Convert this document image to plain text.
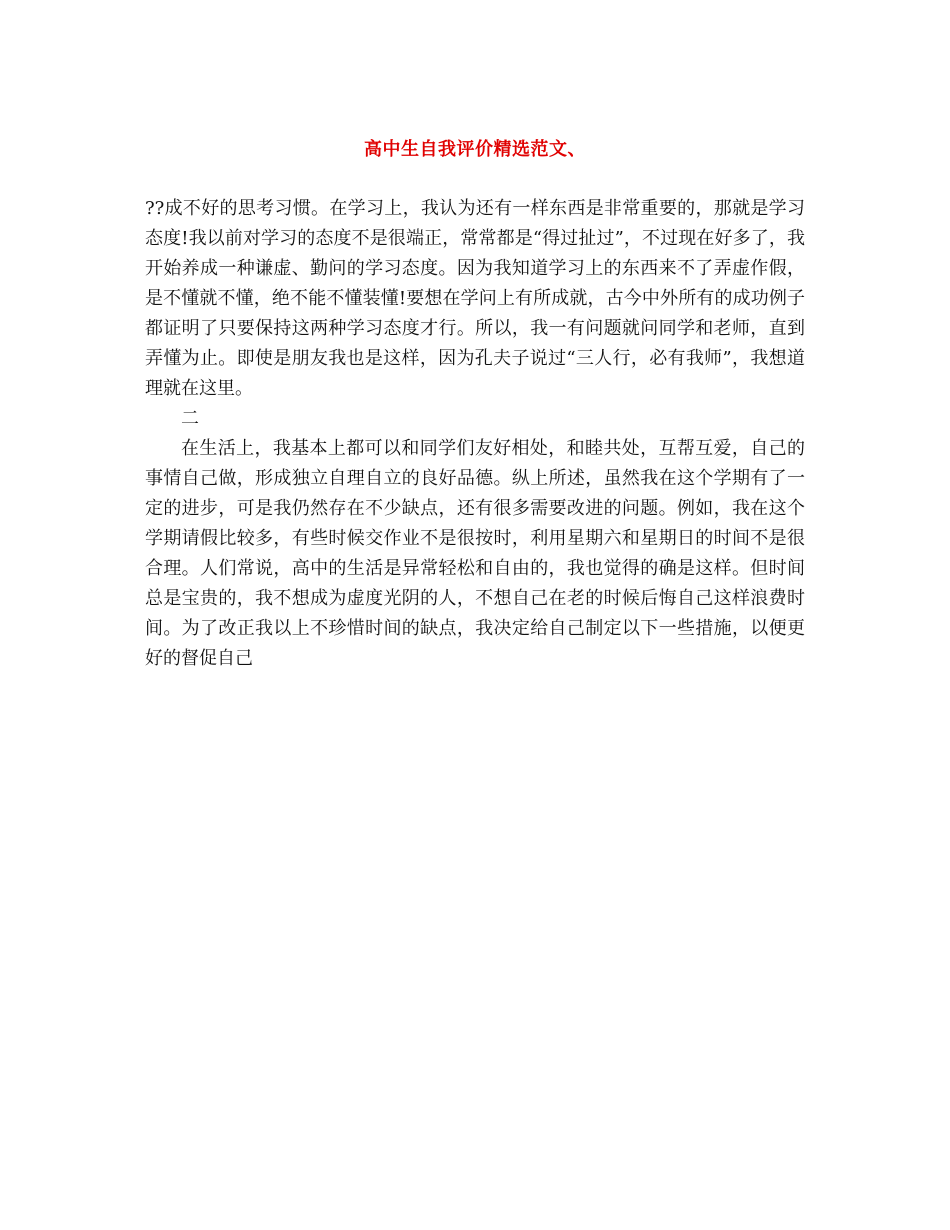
高中生自我评价精选范文、

??成不好的思考习惯。在学习上，我认为还有一样东西是非常重要的，那就是学习态度!我以前对学习的态度不是很端正，常常都是“得过扯过”，不过现在好多了，我开始养成一种谦虚、勤问的学习态度。因为我知道学习上的东西来不了弄虚作假，是不懂就不懂，绝不能不懂装懂!要想在学问上有所成就，古今中外所有的成功例子都证明了只要保持这两种学习态度才行。所以，我一有问题就问同学和老师，直到弄懂为止。即使是朋友我也是这样，因为孔夫子说过“三人行，必有我师”，我想道理就在这里。

二

在生活上，我基本上都可以和同学们友好相处，和睦共处，互帮互爱，自己的事情自己做，形成独立自理自立的良好品德。纵上所述，虽然我在这个学期有了一定的进步，可是我仍然存在不少缺点，还有很多需要改进的问题。例如，我在这个学期请假比较多，有些时候交作业不是很按时，利用星期六和星期日的时间不是很合理。人们常说，高中的生活是异常轻松和自由的，我也觉得的确是这样。但时间总是宝贵的，我不想成为虚度光阴的人，不想自己在老的时候后悔自己这样浪费时间。为了改正我以上不珍惜时间的缺点，我决定给自己制定以下一些措施，以便更好的督促自己
